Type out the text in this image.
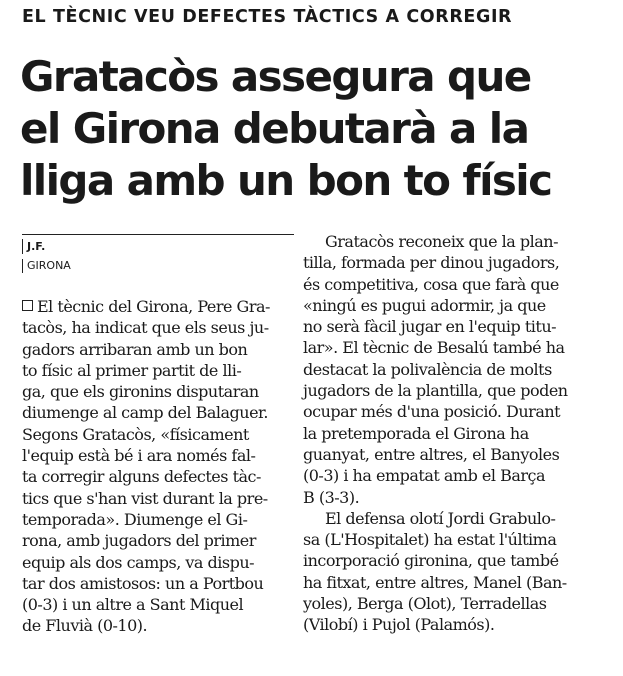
EL TÈCNIC VEU DEFECTES TÀCTICS A CORREGIR
Gratacòs assegura que
el Girona debutarà a la
lliga amb un bon to físic
J.F.
GIRONA
El tècnic del Girona, Pere Gra-
tacòs, ha indicat que els seus ju-
gadors arribaran amb un bon
to físic al primer partit de lli-
ga, que els gironins disputaran
diumenge al camp del Balaguer.
Segons Gratacòs, «físicament
l'equip està bé i ara només fal-
ta corregir alguns defectes tàc-
tics que s'han vist durant la pre-
temporada». Diumenge el Gi-
rona, amb jugadors del primer
equip als dos camps, va dispu-
tar dos amistosos: un a Portbou
(0-3) i un altre a Sant Miquel
de Fluvià (0-10).
Gratacòs reconeix que la plan-
tilla, formada per dinou jugadors,
és competitiva, cosa que farà que
«ningú es pugui adormir, ja que
no serà fàcil jugar en l'equip titu-
lar». El tècnic de Besalú també ha
destacat la polivalència de molts
jugadors de la plantilla, que poden
ocupar més d'una posició. Durant
la pretemporada el Girona ha
guanyat, entre altres, el Banyoles
(0-3) i ha empatat amb el Barça
B (3-3).
El defensa olotí Jordi Grabulo-
sa (L'Hospitalet) ha estat l'última
incorporació gironina, que també
ha fitxat, entre altres, Manel (Ban-
yoles), Berga (Olot), Terradellas
(Vilobí) i Pujol (Palamós).
